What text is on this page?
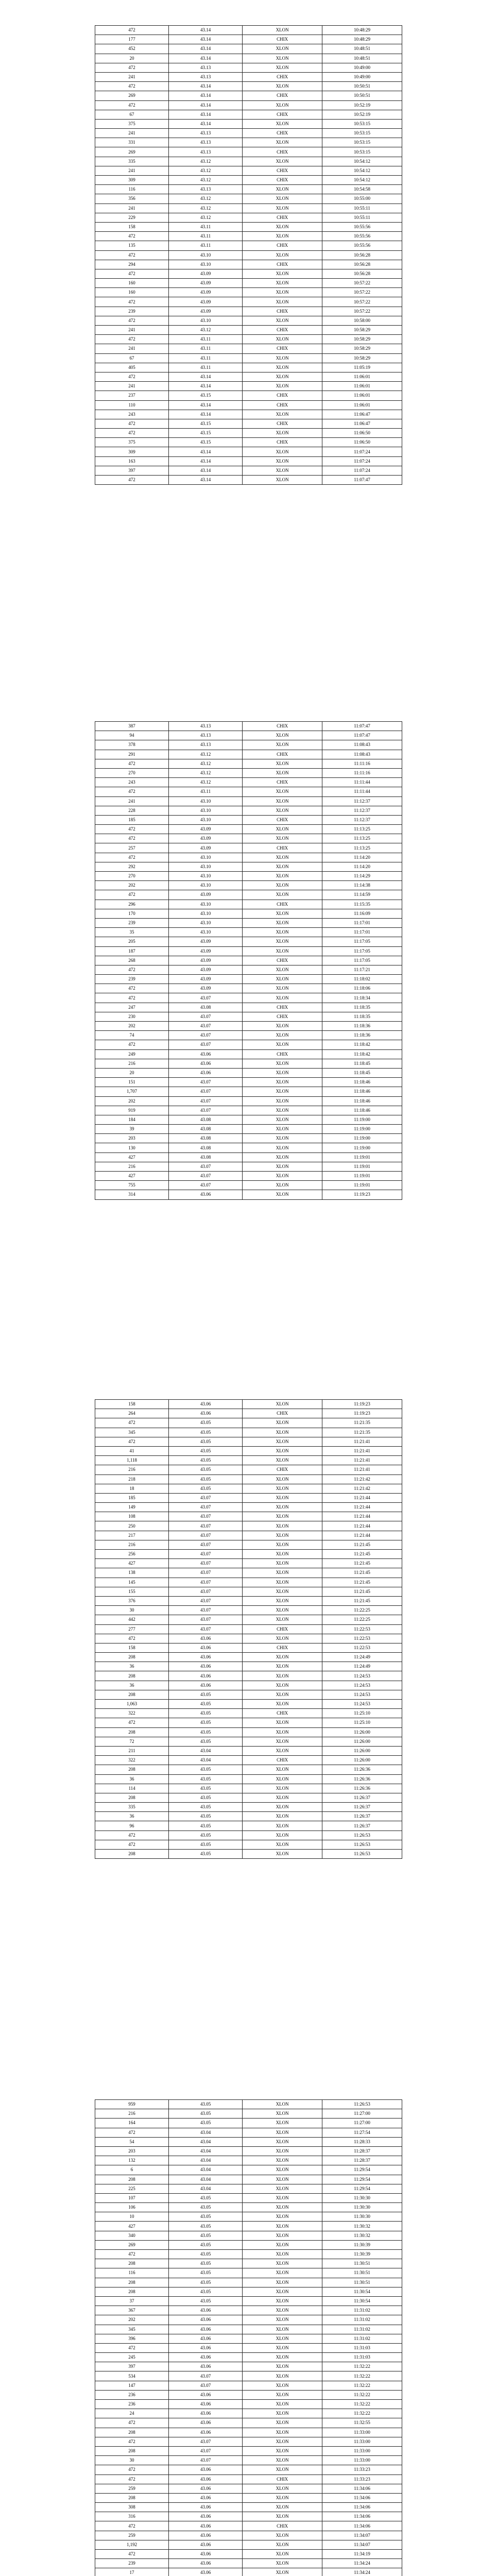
472	43.14	XLON	10:48:29
177	43.14	CHIX	10:48:29
452	43.14	XLON	10:48:51
20	43.14	XLON	10:48:51
472	43.13	XLON	10:49:00
241	43.13	CHIX	10:49:00
472	43.14	XLON	10:50:51
269	43.14	CHIX	10:50:51
472	43.14	XLON	10:52:19
67	43.14	CHIX	10:52:19
375	43.14	XLON	10:53:15
241	43.13	CHIX	10:53:15
331	43.13	XLON	10:53:15
269	43.13	CHIX	10:53:15
335	43.12	XLON	10:54:12
241	43.12	CHIX	10:54:12
309	43.12	CHIX	10:54:12
116	43.13	XLON	10:54:58
356	43.12	XLON	10:55:00
241	43.12	XLON	10:55:11
229	43.12	CHIX	10:55:11
158	43.11	XLON	10:55:56
472	43.11	XLON	10:55:56
135	43.11	CHIX	10:55:56
472	43.10	XLON	10:56:28
294	43.10	CHIX	10:56:28
472	43.09	XLON	10:56:28
160	43.09	XLON	10:57:22
160	43.09	XLON	10:57:22
472	43.09	XLON	10:57:22
239	43.09	CHIX	10:57:22
472	43.10	XLON	10:58:00
241	43.12	CHIX	10:58:29
472	43.11	XLON	10:58:29
241	43.11	CHIX	10:58:29
67	43.11	XLON	10:58:29
405	43.11	XLON	11:05:19
472	43.14	XLON	11:06:01
241	43.14	XLON	11:06:01
237	43.15	CHIX	11:06:01
110	43.14	CHIX	11:06:01
243	43.14	XLON	11:06:47
472	43.15	CHIX	11:06:47
472	43.15	XLON	11:06:50
375	43.15	CHIX	11:06:50
309	43.14	XLON	11:07:24
163	43.14	XLON	11:07:24
397	43.14	XLON	11:07:24
472	43.14	XLON	11:07:47
387	43.13	CHIX	11:07:47
94	43.13	XLON	11:07:47
378	43.13	XLON	11:08:43
291	43.12	CHIX	11:08:43
472	43.12	XLON	11:11:16
270	43.12	XLON	11:11:16
243	43.12	CHIX	11:11:44
472	43.11	XLON	11:11:44
241	43.10	XLON	11:12:37
228	43.10	XLON	11:12:37
185	43.10	CHIX	11:12:37
472	43.09	XLON	11:13:25
472	43.09	XLON	11:13:25
257	43.09	CHIX	11:13:25
472	43.10	XLON	11:14:20
292	43.10	XLON	11:14:20
270	43.10	XLON	11:14:29
202	43.10	XLON	11:14:38
472	43.09	XLON	11:14:59
296	43.10	CHIX	11:15:35
170	43.10	XLON	11:16:09
239	43.10	XLON	11:17:01
35	43.10	XLON	11:17:01
205	43.09	XLON	11:17:05
187	43.09	XLON	11:17:05
268	43.09	CHIX	11:17:05
472	43.09	XLON	11:17:21
239	43.09	XLON	11:18:02
472	43.09	XLON	11:18:06
472	43.07	XLON	11:18:34
247	43.08	CHIX	11:18:35
230	43.07	CHIX	11:18:35
202	43.07	XLON	11:18:36
74	43.07	XLON	11:18:36
472	43.07	XLON	11:18:42
249	43.06	CHIX	11:18:42
216	43.06	XLON	11:18:45
20	43.06	XLON	11:18:45
151	43.07	XLON	11:18:46
1,707	43.07	XLON	11:18:46
202	43.07	XLON	11:18:46
919	43.07	XLON	11:18:46
184	43.08	XLON	11:19:00
39	43.08	XLON	11:19:00
203	43.08	XLON	11:19:00
130	43.08	XLON	11:19:00
427	43.08	XLON	11:19:01
216	43.07	XLON	11:19:01
427	43.07	XLON	11:19:01
755	43.07	XLON	11:19:01
314	43.06	XLON	11:19:23
158	43.06	XLON	11:19:23
264	43.06	CHIX	11:19:23
472	43.05	XLON	11:21:35
345	43.05	XLON	11:21:35
472	43.05	XLON	11:21:41
41	43.05	XLON	11:21:41
1,118	43.05	XLON	11:21:41
216	43.05	CHIX	11:21:41
218	43.05	XLON	11:21:42
18	43.05	XLON	11:21:42
185	43.07	XLON	11:21:44
149	43.07	XLON	11:21:44
108	43.07	XLON	11:21:44
250	43.07	XLON	11:21:44
217	43.07	XLON	11:21:44
216	43.07	XLON	11:21:45
256	43.07	XLON	11:21:45
427	43.07	XLON	11:21:45
138	43.07	XLON	11:21:45
145	43.07	XLON	11:21:45
155	43.07	XLON	11:21:45
376	43.07	XLON	11:21:45
30	43.07	XLON	11:22:25
442	43.07	XLON	11:22:25
277	43.07	CHIX	11:22:53
472	43.06	XLON	11:22:53
158	43.06	CHIX	11:22:53
208	43.06	XLON	11:24:49
36	43.06	XLON	11:24:49
208	43.06	XLON	11:24:53
36	43.06	XLON	11:24:53
208	43.05	XLON	11:24:53
1,063	43.05	XLON	11:24:53
322	43.05	CHIX	11:25:10
472	43.05	XLON	11:25:10
208	43.05	XLON	11:26:00
72	43.05	XLON	11:26:00
211	43.04	XLON	11:26:00
322	43.04	CHIX	11:26:00
208	43.05	XLON	11:26:36
36	43.05	XLON	11:26:36
114	43.05	XLON	11:26:36
208	43.05	XLON	11:26:37
335	43.05	XLON	11:26:37
36	43.05	XLON	11:26:37
96	43.05	XLON	11:26:37
472	43.05	XLON	11:26:53
472	43.05	XLON	11:26:53
208	43.05	XLON	11:26:53
959	43.05	XLON	11:26:53
216	43.05	XLON	11:27:00
164	43.05	XLON	11:27:00
472	43.04	XLON	11:27:54
54	43.04	XLON	11:28:33
203	43.04	XLON	11:28:37
132	43.04	XLON	11:28:37
6	43.04	XLON	11:29:54
208	43.04	XLON	11:29:54
225	43.04	XLON	11:29:54
107	43.05	XLON	11:30:30
106	43.05	XLON	11:30:30
10	43.05	XLON	11:30:30
427	43.05	XLON	11:30:32
340	43.05	XLON	11:30:32
269	43.05	XLON	11:30:39
472	43.05	XLON	11:30:39
208	43.05	XLON	11:30:51
116	43.05	XLON	11:30:51
208	43.05	XLON	11:30:51
208	43.05	XLON	11:30:54
37	43.05	XLON	11:30:54
367	43.06	XLON	11:31:02
202	43.06	XLON	11:31:02
345	43.06	XLON	11:31:02
396	43.06	XLON	11:31:02
472	43.06	XLON	11:31:03
245	43.06	XLON	11:31:03
397	43.06	XLON	11:32:22
534	43.07	XLON	11:32:22
147	43.07	XLON	11:32:22
236	43.06	XLON	11:32:22
236	43.06	XLON	11:32:22
24	43.06	XLON	11:32:22
472	43.06	XLON	11:32:55
208	43.06	XLON	11:33:00
472	43.07	XLON	11:33:00
208	43.07	XLON	11:33:00
30	43.07	XLON	11:33:00
472	43.06	XLON	11:33:23
472	43.06	CHIX	11:33:23
259	43.06	XLON	11:34:06
208	43.06	XLON	11:34:06
308	43.06	XLON	11:34:06
316	43.06	XLON	11:34:06
472	43.06	CHIX	11:34:06
259	43.06	XLON	11:34:07
1,192	43.06	XLON	11:34:07
472	43.06	XLON	11:34:19
239	43.06	XLON	11:34:24
17	43.06	XLON	11:34:24
